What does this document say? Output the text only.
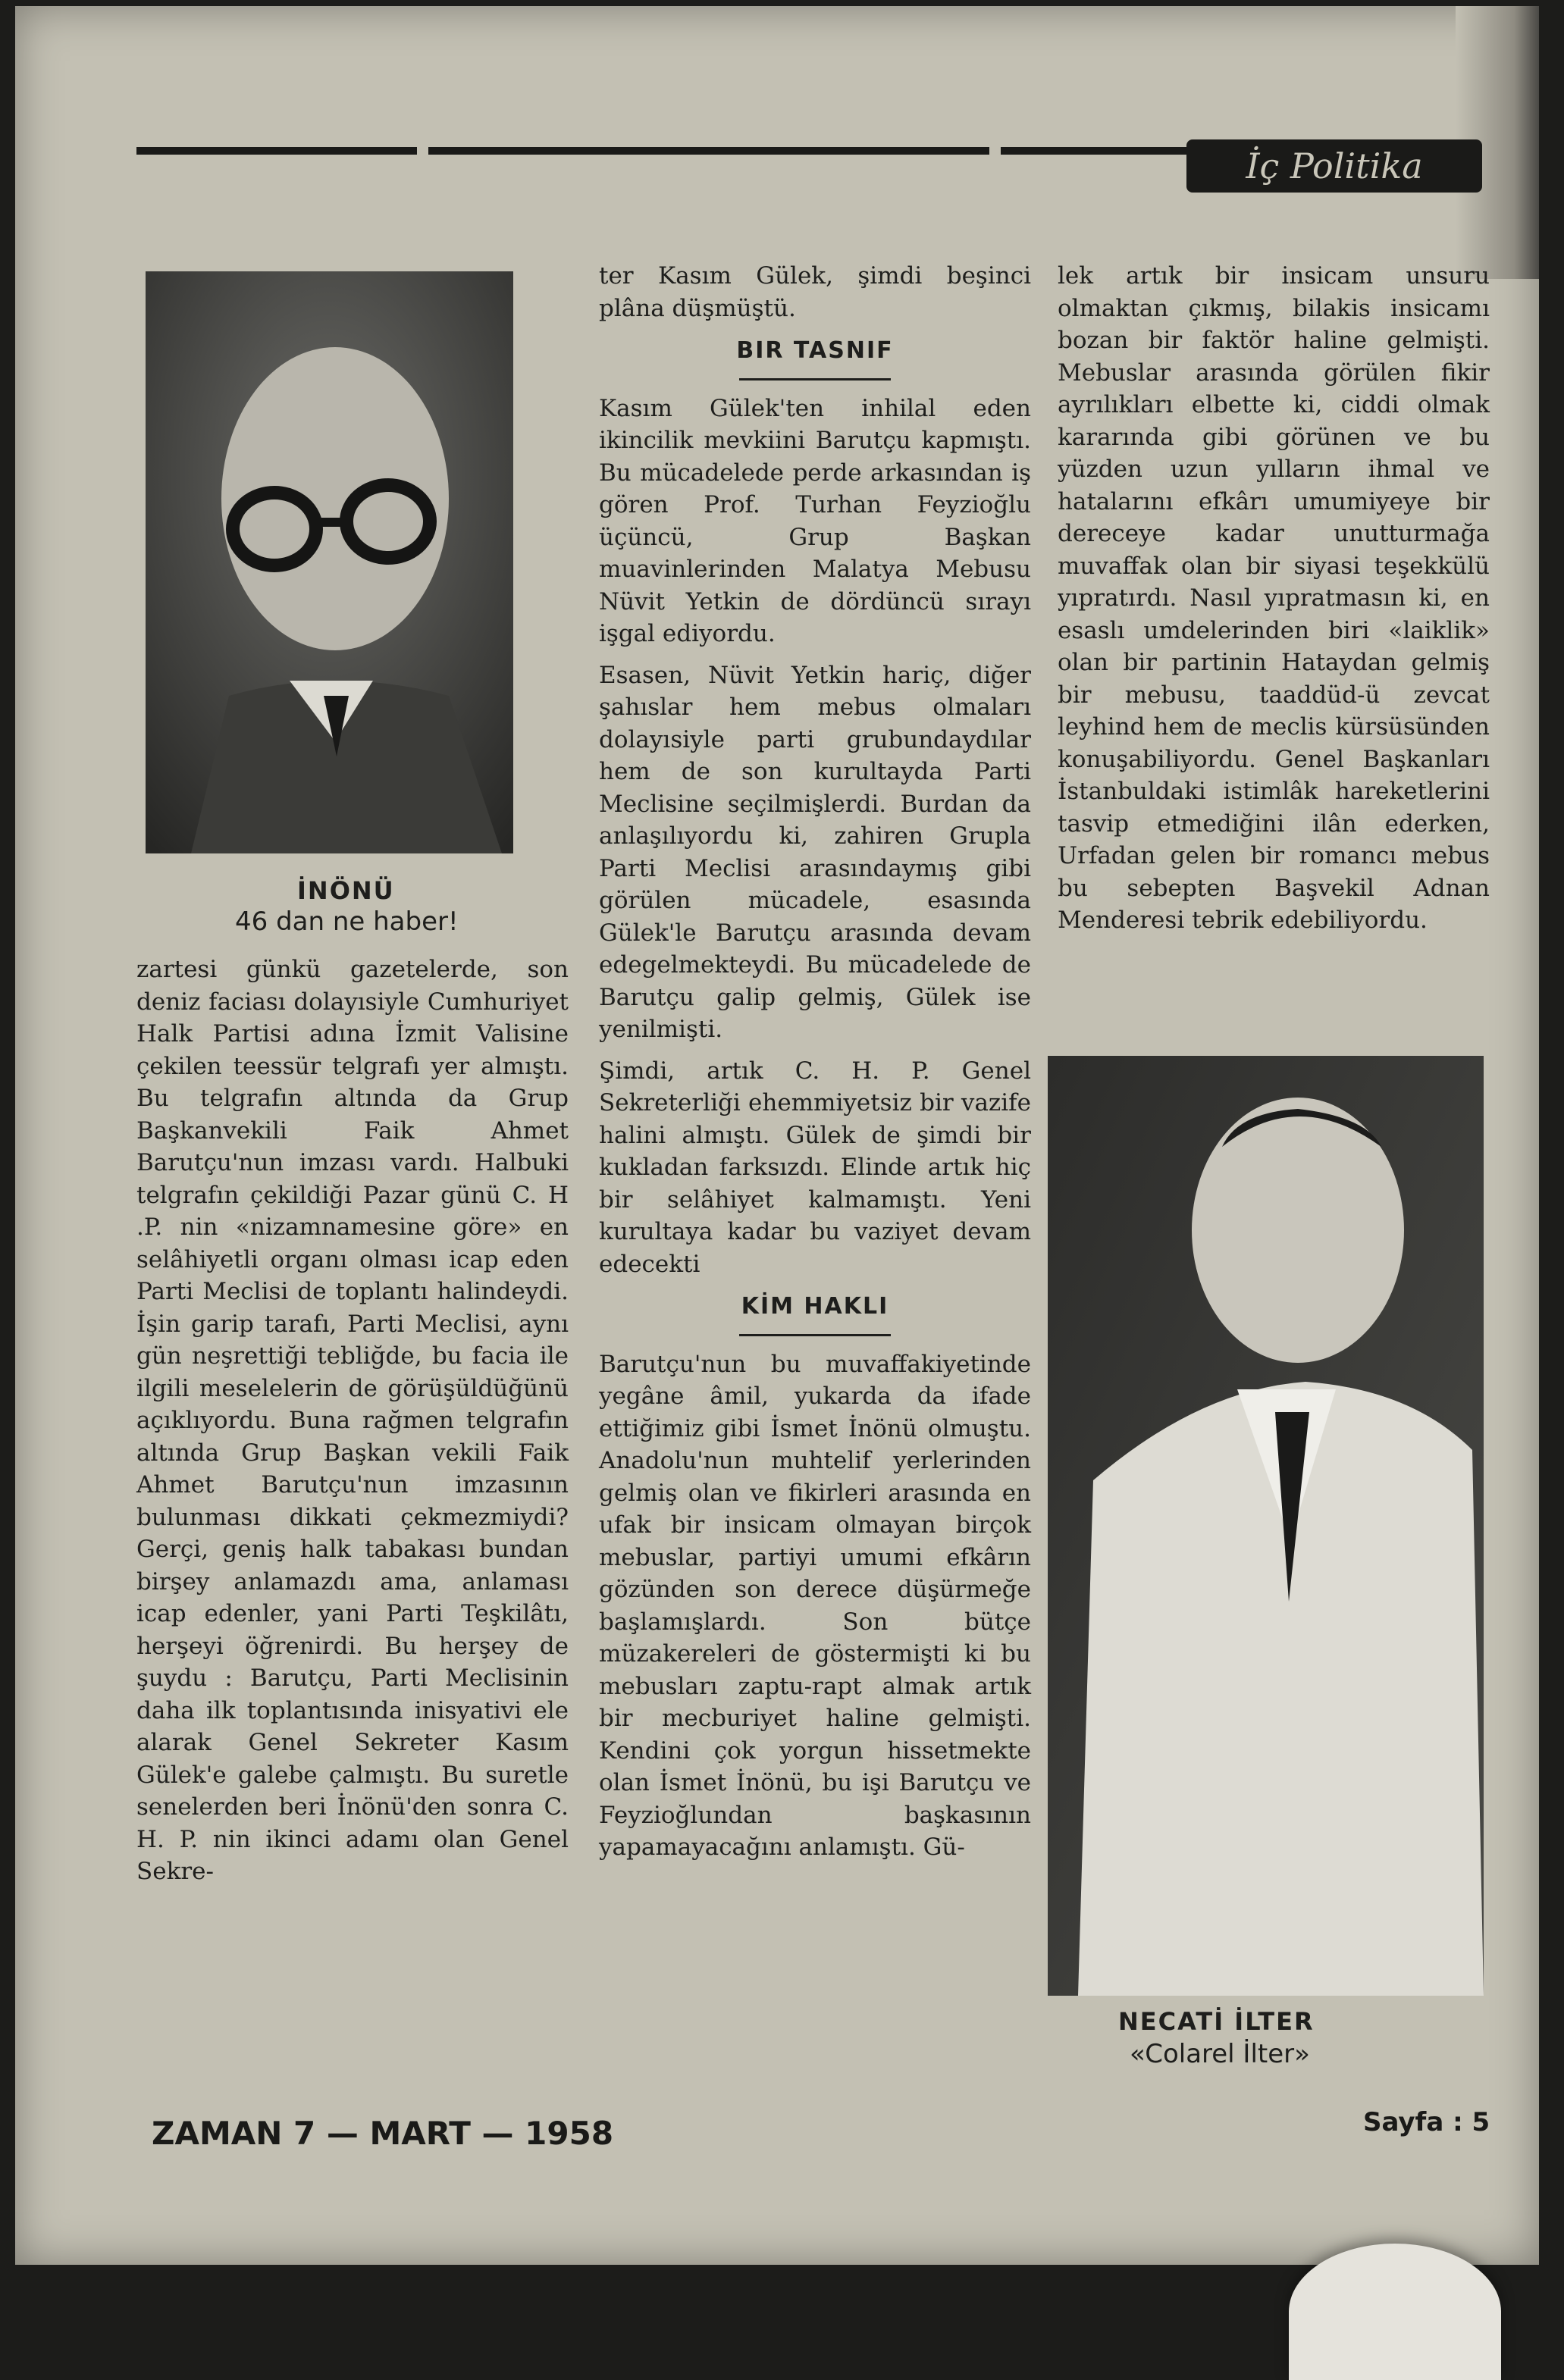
İç Politika
İNÖNÜ
46 dan ne haber!

zartesi günkü gazetelerde, son deniz faciası dolayısiyle Cumhuriyet Halk Partisi adına İzmit Valisine çekilen teessür telgrafı yer almıştı. Bu telgrafın altında da Grup Başkanvekili Faik Ahmet Barutçu'nun imzası vardı. Halbuki telgrafın çekildiği Pazar günü C. H .P. nin «nizamnamesine göre» en selâhiyetli organı olması icap eden Parti Meclisi de toplantı halindeydi. İşin garip tarafı, Parti Meclisi, aynı gün neşrettiği tebliğde, bu facia ile ilgili meselelerin de görüşüldüğünü açıklıyordu. Buna rağmen telgrafın altında Grup Başkan vekili Faik Ahmet Barutçu'nun imzasının bulunması dikkati çekmezmiydi? Gerçi, geniş halk tabakası bundan birşey anlamazdı ama, anlaması icap edenler, yani Parti Teşkilâtı, herşeyi öğrenirdi. Bu herşey de şuydu : Barutçu, Parti Meclisinin daha ilk toplantısında inisyativi ele alarak Genel Sekreter Kasım Gülek'e galebe çalmıştı. Bu suretle senelerden beri İnönü'den sonra C. H. P. nin ikinci adamı olan Genel Sekre-

ter Kasım Gülek, şimdi beşinci plâna düşmüştü.

BIR TASNIF

Kasım Gülek'ten inhilal eden ikincilik mevkiini Barutçu kapmıştı. Bu mücadelede perde arkasından iş gören Prof. Turhan Feyzioğlu üçüncü, Grup Başkan muavinlerinden Malatya Mebusu Nüvit Yetkin de dördüncü sırayı işgal ediyordu.

Esasen, Nüvit Yetkin hariç, diğer şahıslar hem mebus olmaları dolayısiyle parti grubundaydılar hem de son kurultayda Parti Meclisine seçilmişlerdi. Burdan da anlaşılıyordu ki, zahiren Grupla Parti Meclisi arasındaymış gibi görülen mücadele, esasında Gülek'le Barutçu arasında devam edegelmekteydi. Bu mücadelede de Barutçu galip gelmiş, Gülek ise yenilmişti.

Şimdi, artık C. H. P. Genel Sekreterliği ehemmiyetsiz bir vazife halini almıştı. Gülek de şimdi bir kukladan farksızdı. Elinde artık hiç bir selâhiyet kalmamıştı. Yeni kurultaya kadar bu vaziyet devam edecekti

KİM HAKLI

Barutçu'nun bu muvaffakiyetinde yegâne âmil, yukarda da ifade ettiğimiz gibi İsmet İnönü olmuştu. Anadolu'nun muhtelif yerlerinden gelmiş olan ve fikirleri arasında en ufak bir insicam olmayan birçok mebuslar, partiyi umumi efkârın gözünden son derece düşürmeğe başlamışlardı. Son bütçe müzakereleri de göstermişti ki bu mebusları zaptu-rapt almak artık bir mecburiyet haline gelmişti. Kendini çok yorgun hissetmekte olan İsmet İnönü, bu işi Barutçu ve Feyzioğlundan başkasının yapamayacağını anlamıştı. Gü-

lek artık bir insicam unsuru olmaktan çıkmış, bilakis insicamı bozan bir faktör haline gelmişti. Mebuslar arasında görülen fikir ayrılıkları elbette ki, ciddi olmak kararında gibi görünen ve bu yüzden uzun yılların ihmal ve hatalarını efkârı umumiyeye bir dereceye kadar unutturmağa muvaffak olan bir siyasi teşekkülü yıpratırdı. Nasıl yıpratmasın ki, en esaslı umdelerinden biri «laiklik» olan bir partinin Hataydan gelmiş bir mebusu, taaddüd-ü zevcat leyhind hem de meclis kürsüsünden konuşabiliyordu. Genel Başkanları İstanbuldaki istimlâk hareketlerini tasvip etmediğini ilân ederken, Urfadan gelen bir romancı mebus bu sebepten Başvekil Adnan Menderesi tebrik edebiliyordu.

NECATİ İLTER
«Colarel İlter»
ZAMAN 7 — MART — 1958	Sayfa : 5
